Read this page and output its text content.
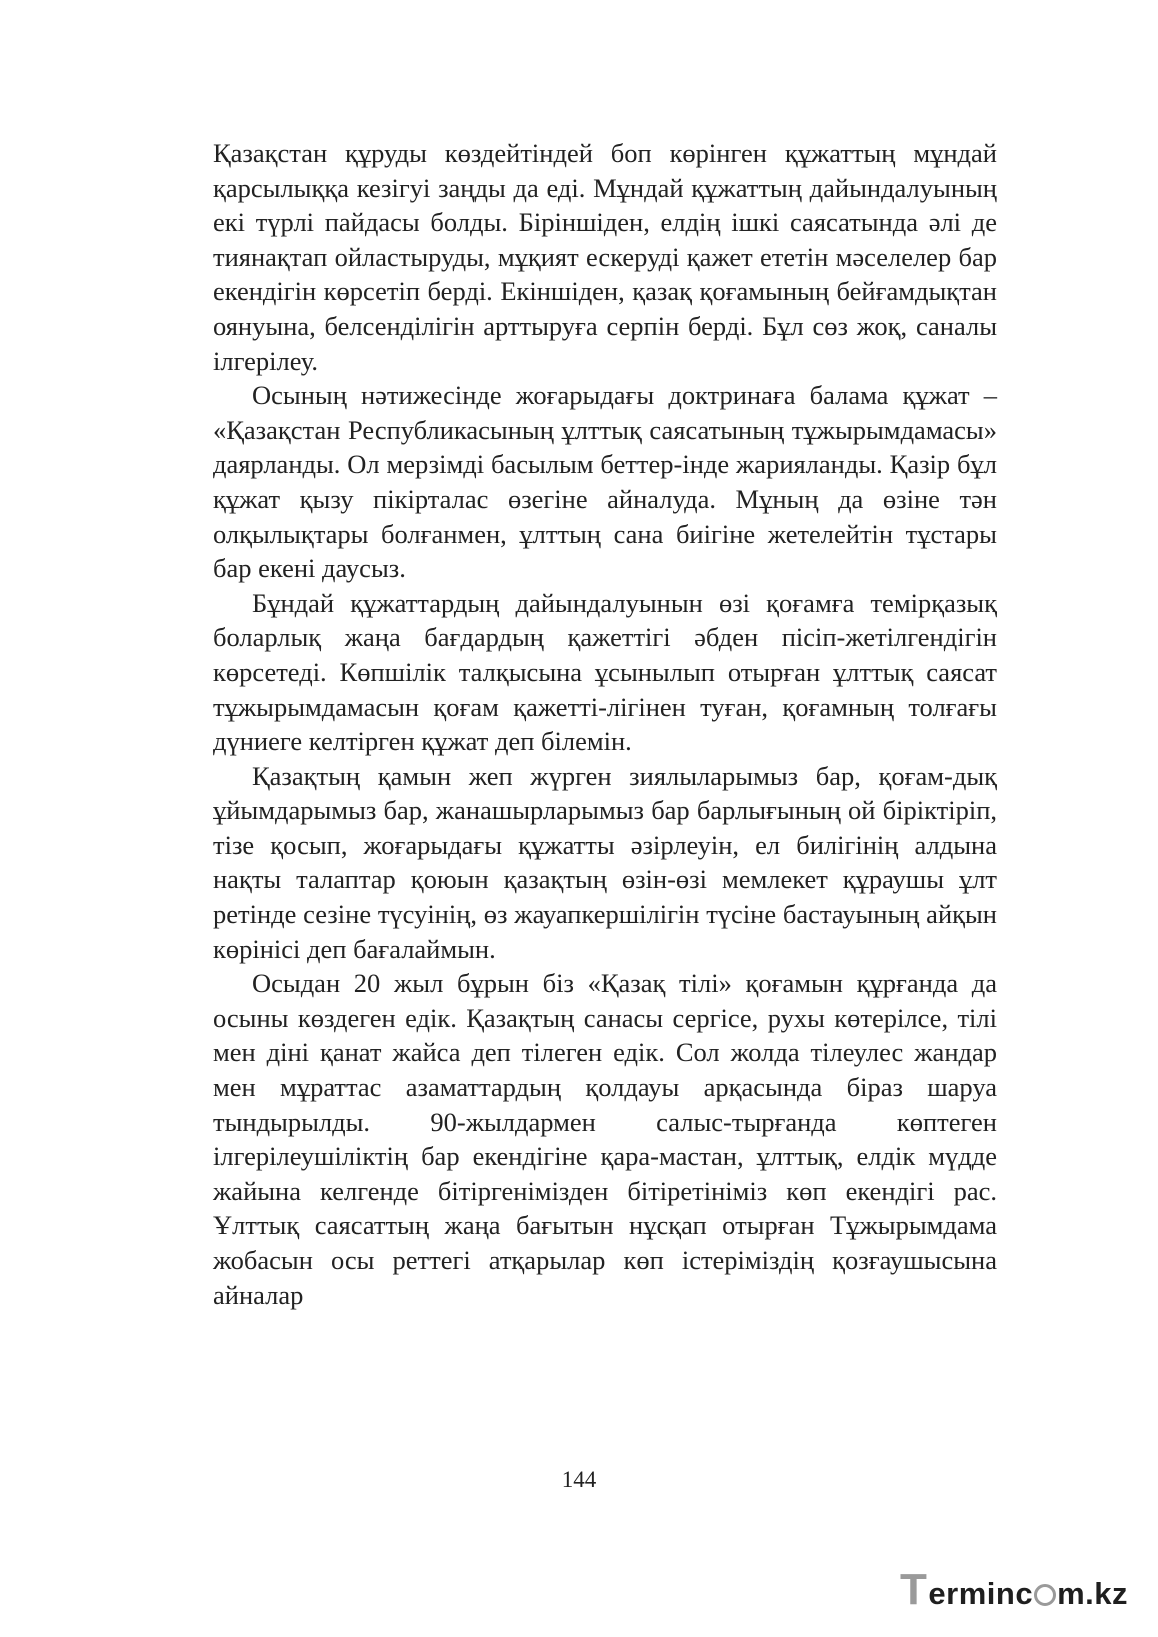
Қазақстан құруды көздейтіндей боп көрінген құжаттың мұндай қарсылыққа кезігуі заңды да еді. Мұндай құжаттың дайындалуының екі түрлі пайдасы болды. Біріншіден, елдің ішкі саясатында әлі де тиянақтап ойластыруды, мұқият ескеруді қажет ететін мәселелер бар екендігін көрсетіп берді. Екіншіден, қазақ қоғамының бейғамдықтан оянуына, белсенділігін арттыруға серпін берді. Бұл сөз жоқ, саналы ілгерілеу.

Осының нәтижесінде жоғарыдағы доктринаға балама құжат – «Қазақстан Республикасының ұлттық саясатының тұжырымдамасы» даярланды. Ол мерзімді басылым беттер-інде жарияланды. Қазір бұл құжат қызу пікірталас өзегіне айналуда. Мұның да өзіне тән олқылықтары болғанмен, ұлттың сана биігіне жетелейтін тұстары бар екені даусыз.

Бұндай құжаттардың дайындалуынын өзі қоғамға темірқазық боларлық жаңа бағдардың қажеттігі әбден пісіп-жетілгендігін көрсетеді. Көпшілік талқысына ұсынылып отырған ұлттық саясат тұжырымдамасын қоғам қажетті-лігінен туған, қоғамның толғағы дүниеге келтірген құжат деп білемін.

Қазақтың қамын жеп жүрген зиялыларымыз бар, қоғам-дық ұйымдарымыз бар, жанашырларымыз бар барлығының ой біріктіріп, тізе қосып, жоғарыдағы құжатты әзірлеуін, ел билігінің алдына нақты талаптар қоюын қазақтың өзін-өзі мемлекет құраушы ұлт ретінде сезіне түсуінің, өз жауапкершілігін түсіне бастауының айқын көрінісі деп бағалаймын.

Осыдан 20 жыл бұрын біз «Қазақ тілі» қоғамын құрғанда да осыны көздеген едік. Қазақтың санасы сергісе, рухы көтерілсе, тілі мен діні қанат жайса деп тілеген едік. Сол жолда тілеулес жандар мен мұраттас азаматтардың қолдауы арқасында біраз шаруа тындырылды. 90-жылдармен салыс-тырғанда көптеген ілгерілеушіліктің бар екендігіне қара-мастан, ұлттық, елдік мүдде жайына келгенде бітіргенімізден бітіретініміз көп екендігі рас. Ұлттық саясаттың жаңа бағытын нұсқап отырған Тұжырымдама жобасын осы реттегі атқарылар көп істеріміздің қозғаушысына айналар

144
T erminc m.kz
